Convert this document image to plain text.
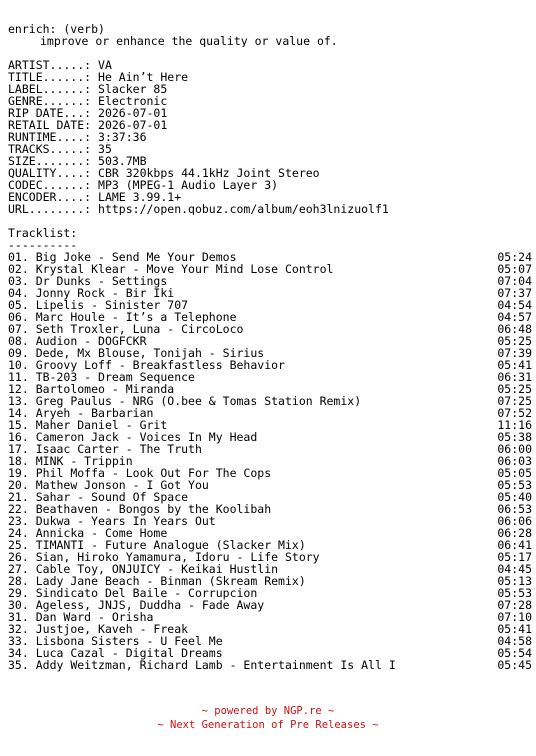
enrich: (verb)
improve or enhance the quality or value of.
ARTIST.....: VA
TITLE......: He Ain’t Here
LABEL......: Slacker 85
GENRE......: Electronic
RIP DATE...: 2026-07-01
RETAIL DATE: 2026-07-01
RUNTIME....: 3:37:36
TRACKS.....: 35
SIZE.......: 503.7MB
QUALITY....: CBR 320kbps 44.1kHz Joint Stereo
CODEC......: MP3 (MPEG-1 Audio Layer 3)
ENCODER....: LAME 3.99.1+
URL........: https://open.qobuz.com/album/eoh3lnizuolf1
Tracklist:
----------
01. Big Joke - Send Me Your Demos	05:24
02. Krystal Klear - Move Your Mind Lose Control	05:07
03. Dr Dunks - Settings	07:04
04. Jonny Rock - Bir Iki	07:37
05. Lipelis - Sinister 707	04:54
06. Marc Houle - It’s a Telephone	04:57
07. Seth Troxler, Luna - CircoLoco	06:48
08. Audion - DOGFCKR	05:25
09. Dede, Mx Blouse, Tonijah - Sirius	07:39
10. Groovy Loff - Breakfastless Behavior	05:41
11. TB-203 - Dream Sequence	06:31
12. Bartolomeo - Miranda	05:25
13. Greg Paulus - NRG (O.bee & Tomas Station Remix)	07:25
14. Aryeh - Barbarian	07:52
15. Maher Daniel - Grit	11:16
16. Cameron Jack - Voices In My Head	05:38
17. Isaac Carter - The Truth	06:00
18. MINK - Trippin	06:03
19. Phil Moffa - Look Out For The Cops	05:05
20. Mathew Jonson - I Got You	05:53
21. Sahar - Sound Of Space	05:40
22. Beathaven - Bongos by the Koolibah	06:53
23. Dukwa - Years In Years Out	06:06
24. Annicka - Come Home	06:28
25. TIMANTI - Future Analogue (Slacker Mix)	06:41
26. Sian, Hiroko Yamamura, Idoru - Life Story	05:17
27. Cable Toy, ONJUICY - Keikai Hustlin	04:45
28. Lady Jane Beach - Binman (Skream Remix)	05:13
29. Sindicato Del Baile - Corrupcion	05:53
30. Ageless, JNJS, Duddha - Fade Away	07:28
31. Dan Ward - Orisha	07:10
32. Justjoe, Kaveh - Freak	05:41
33. Lisbona Sisters - U Feel Me	04:58
34. Luca Cazal - Digital Dreams	05:54
35. Addy Weitzman, Richard Lamb - Entertainment Is All I	05:45
~ powered by NGP.re ~
~ Next Generation of Pre Releases ~
